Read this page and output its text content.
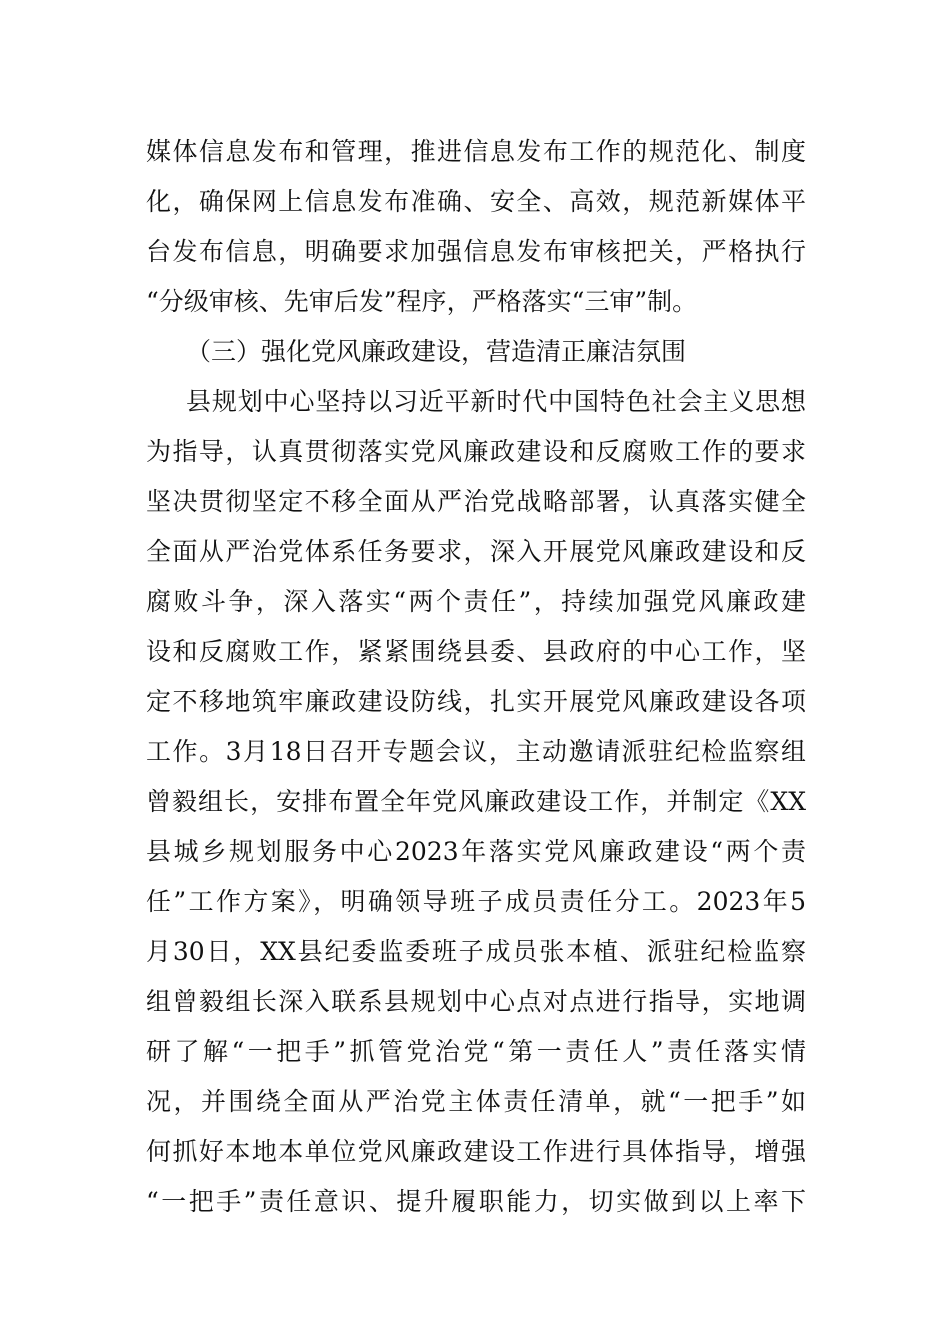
媒体信息发布和管理，推进信息发布工作的规范化、制度
化，确保网上信息发布准确、安全、高效，规范新媒体平
台发布信息，明确要求加强信息发布审核把关，严格执行
“分级审核、先审后发”程序，严格落实“三审”制。
（三）强化党风廉政建设，营造清正廉洁氛围
县规划中心坚持以习近平新时代中国特色社会主义思想
为指导，认真贯彻落实党风廉政建设和反腐败工作的要求
坚决贯彻坚定不移全面从严治党战略部署，认真落实健全
全面从严治党体系任务要求，深入开展党风廉政建设和反
腐败斗争，深入落实“两个责任”，持续加强党风廉政建
设和反腐败工作，紧紧围绕县委、县政府的中心工作，坚
定不移地筑牢廉政建设防线，扎实开展党风廉政建设各项
工作。3月18日召开专题会议，主动邀请派驻纪检监察组
曾毅组长，安排布置全年党风廉政建设工作，并制定《XX
县城乡规划服务中心2023年落实党风廉政建设“两个责
任”工作方案》，明确领导班子成员责任分工。2023年5
月30日，XX县纪委监委班子成员张本植、派驻纪检监察
组曾毅组长深入联系县规划中心点对点进行指导，实地调
研了解“一把手”抓管党治党“第一责任人”责任落实情
况，并围绕全面从严治党主体责任清单，就“一把手”如
何抓好本地本单位党风廉政建设工作进行具体指导，增强
“一把手”责任意识、提升履职能力，切实做到以上率下
